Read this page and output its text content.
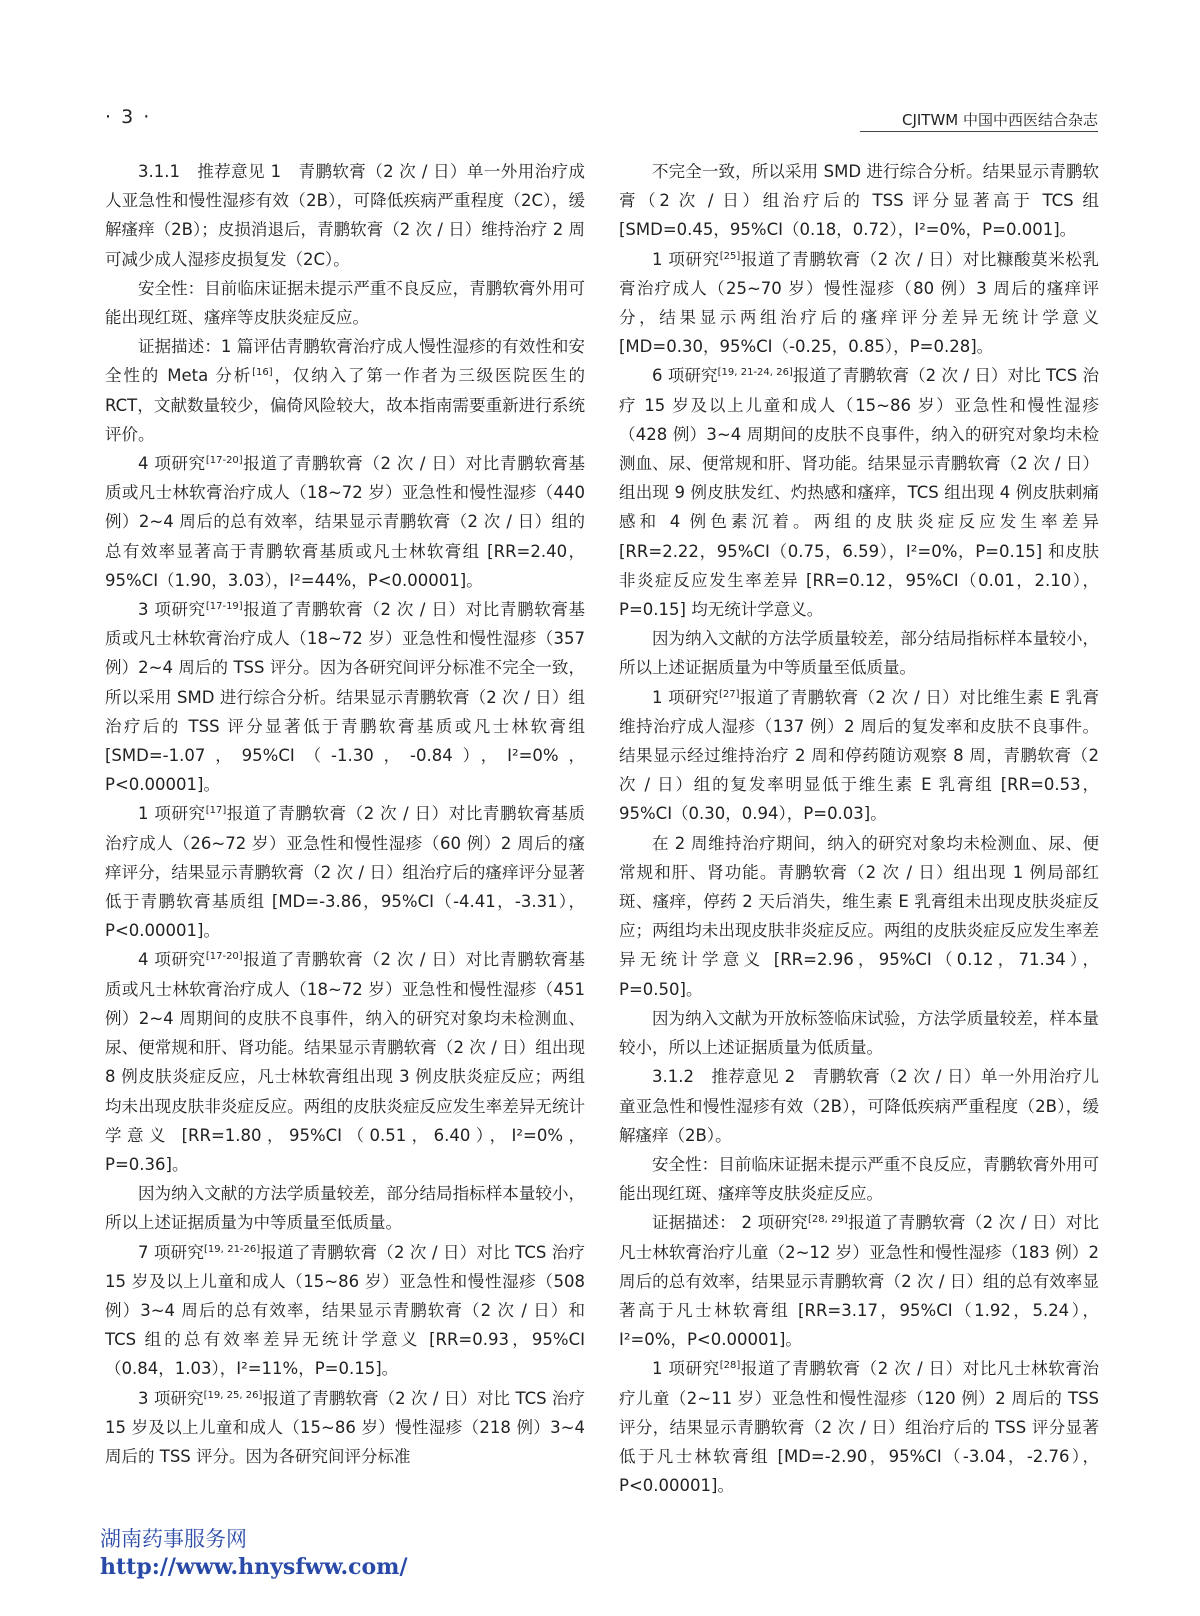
· 3 ·	CJITWM 中国中西医结合杂志

3.1.1　推荐意见 1　青鹏软膏（2 次 / 日）单一外用治疗成人亚急性和慢性湿疹有效（2B），可降低疾病严重程度（2C），缓解瘙痒（2B）；皮损消退后，青鹏软膏（2 次 / 日）维持治疗 2 周可减少成人湿疹皮损复发（2C）。

安全性：目前临床证据未提示严重不良反应，青鹏软膏外用可能出现红斑、瘙痒等皮肤炎症反应。

证据描述：1 篇评估青鹏软膏治疗成人慢性湿疹的有效性和安全性的 Meta 分析[16]，仅纳入了第一作者为三级医院医生的 RCT，文献数量较少，偏倚风险较大，故本指南需要重新进行系统评价。

4 项研究[17-20]报道了青鹏软膏（2 次 / 日）对比青鹏软膏基质或凡士林软膏治疗成人（18~72 岁）亚急性和慢性湿疹（440 例）2~4 周后的总有效率，结果显示青鹏软膏（2 次 / 日）组的总有效率显著高于青鹏软膏基质或凡士林软膏组 [RR=2.40，95%CI（1.90，3.03），I²=44%，P<0.00001]。

3 项研究[17-19]报道了青鹏软膏（2 次 / 日）对比青鹏软膏基质或凡士林软膏治疗成人（18~72 岁）亚急性和慢性湿疹（357 例）2~4 周后的 TSS 评分。因为各研究间评分标准不完全一致，所以采用 SMD 进行综合分析。结果显示青鹏软膏（2 次 / 日）组治疗后的 TSS 评分显著低于青鹏软膏基质或凡士林软膏组 [SMD=-1.07，95%CI（-1.30，-0.84），I²=0%，P<0.00001]。

1 项研究[17]报道了青鹏软膏（2 次 / 日）对比青鹏软膏基质治疗成人（26~72 岁）亚急性和慢性湿疹（60 例）2 周后的瘙痒评分，结果显示青鹏软膏（2 次 / 日）组治疗后的瘙痒评分显著低于青鹏软膏基质组 [MD=-3.86，95%CI（-4.41，-3.31），P<0.00001]。

4 项研究[17-20]报道了青鹏软膏（2 次 / 日）对比青鹏软膏基质或凡士林软膏治疗成人（18~72 岁）亚急性和慢性湿疹（451 例）2~4 周期间的皮肤不良事件，纳入的研究对象均未检测血、尿、便常规和肝、肾功能。结果显示青鹏软膏（2 次 / 日）组出现 8 例皮肤炎症反应，凡士林软膏组出现 3 例皮肤炎症反应；两组均未出现皮肤非炎症反应。两组的皮肤炎症反应发生率差异无统计学意义 [RR=1.80，95%CI（0.51，6.40），I²=0%，P=0.36]。

因为纳入文献的方法学质量较差，部分结局指标样本量较小，所以上述证据质量为中等质量至低质量。

7 项研究[19, 21-26]报道了青鹏软膏（2 次 / 日）对比 TCS 治疗 15 岁及以上儿童和成人（15~86 岁）亚急性和慢性湿疹（508 例）3~4 周后的总有效率，结果显示青鹏软膏（2 次 / 日）和 TCS 组的总有效率差异无统计学意义 [RR=0.93，95%CI（0.84，1.03），I²=11%，P=0.15]。

3 项研究[19, 25, 26]报道了青鹏软膏（2 次 / 日）对比 TCS 治疗 15 岁及以上儿童和成人（15~86 岁）慢性湿疹（218 例）3~4 周后的 TSS 评分。因为各研究间评分标准

不完全一致，所以采用 SMD 进行综合分析。结果显示青鹏软膏（2 次 / 日）组治疗后的 TSS 评分显著高于 TCS 组 [SMD=0.45，95%CI（0.18，0.72），I²=0%，P=0.001]。

1 项研究[25]报道了青鹏软膏（2 次 / 日）对比糠酸莫米松乳膏治疗成人（25~70 岁）慢性湿疹（80 例）3 周后的瘙痒评分，结果显示两组治疗后的瘙痒评分差异无统计学意义 [MD=0.30，95%CI（-0.25，0.85），P=0.28]。

6 项研究[19, 21-24, 26]报道了青鹏软膏（2 次 / 日）对比 TCS 治疗 15 岁及以上儿童和成人（15~86 岁）亚急性和慢性湿疹（428 例）3~4 周期间的皮肤不良事件，纳入的研究对象均未检测血、尿、便常规和肝、肾功能。结果显示青鹏软膏（2 次 / 日）组出现 9 例皮肤发红、灼热感和瘙痒，TCS 组出现 4 例皮肤刺痛感和 4 例色素沉着。两组的皮肤炎症反应发生率差异 [RR=2.22，95%CI（0.75，6.59），I²=0%，P=0.15] 和皮肤非炎症反应发生率差异 [RR=0.12，95%CI（0.01，2.10），P=0.15] 均无统计学意义。

因为纳入文献的方法学质量较差，部分结局指标样本量较小，所以上述证据质量为中等质量至低质量。

1 项研究[27]报道了青鹏软膏（2 次 / 日）对比维生素 E 乳膏维持治疗成人湿疹（137 例）2 周后的复发率和皮肤不良事件。结果显示经过维持治疗 2 周和停药随访观察 8 周，青鹏软膏（2 次 / 日）组的复发率明显低于维生素 E 乳膏组 [RR=0.53，95%CI（0.30，0.94），P=0.03]。

在 2 周维持治疗期间，纳入的研究对象均未检测血、尿、便常规和肝、肾功能。青鹏软膏（2 次 / 日）组出现 1 例局部红斑、瘙痒，停药 2 天后消失，维生素 E 乳膏组未出现皮肤炎症反应；两组均未出现皮肤非炎症反应。两组的皮肤炎症反应发生率差异无统计学意义 [RR=2.96，95%CI（0.12，71.34），P=0.50]。

因为纳入文献为开放标签临床试验，方法学质量较差，样本量较小，所以上述证据质量为低质量。

3.1.2　推荐意见 2　青鹏软膏（2 次 / 日）单一外用治疗儿童亚急性和慢性湿疹有效（2B），可降低疾病严重程度（2B），缓解瘙痒（2B）。

安全性：目前临床证据未提示严重不良反应，青鹏软膏外用可能出现红斑、瘙痒等皮肤炎症反应。

证据描述： 2 项研究[28, 29]报道了青鹏软膏（2 次 / 日）对比凡士林软膏治疗儿童（2~12 岁）亚急性和慢性湿疹（183 例）2 周后的总有效率，结果显示青鹏软膏（2 次 / 日）组的总有效率显著高于凡士林软膏组 [RR=3.17，95%CI（1.92，5.24），I²=0%，P<0.00001]。

1 项研究[28]报道了青鹏软膏（2 次 / 日）对比凡士林软膏治疗儿童（2~11 岁）亚急性和慢性湿疹（120 例）2 周后的 TSS 评分，结果显示青鹏软膏（2 次 / 日）组治疗后的 TSS 评分显著低于凡士林软膏组 [MD=-2.90，95%CI（-3.04，-2.76），P<0.00001]。

湖南药事服务网
http://www.hnysfww.com/
